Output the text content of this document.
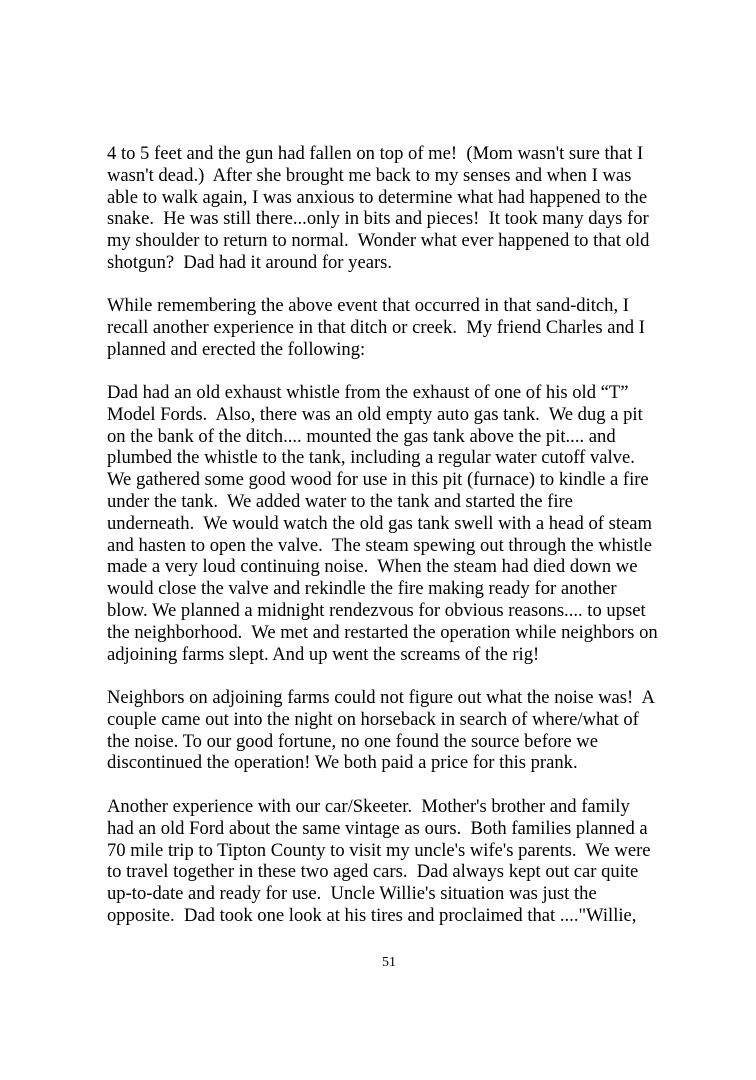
4 to 5 feet and the gun had fallen on top of me!  (Mom wasn't sure that I
wasn't dead.)  After she brought me back to my senses and when I was
able to walk again, I was anxious to determine what had happened to the
snake.  He was still there...only in bits and pieces!  It took many days for
my shoulder to return to normal.  Wonder what ever happened to that old
shotgun?  Dad had it around for years.

While remembering the above event that occurred in that sand-ditch, I
recall another experience in that ditch or creek.  My friend Charles and I
planned and erected the following:

Dad had an old exhaust whistle from the exhaust of one of his old “T”
Model Fords.  Also, there was an old empty auto gas tank.  We dug a pit
on the bank of the ditch.... mounted the gas tank above the pit.... and
plumbed the whistle to the tank, including a regular water cutoff valve.
We gathered some good wood for use in this pit (furnace) to kindle a fire
under the tank.  We added water to the tank and started the fire
underneath.  We would watch the old gas tank swell with a head of steam
and hasten to open the valve.  The steam spewing out through the whistle
made a very loud continuing noise.  When the steam had died down we
would close the valve and rekindle the fire making ready for another
blow. We planned a midnight rendezvous for obvious reasons.... to upset
the neighborhood.  We met and restarted the operation while neighbors on
adjoining farms slept. And up went the screams of the rig!

Neighbors on adjoining farms could not figure out what the noise was!  A
couple came out into the night on horseback in search of where/what of
the noise. To our good fortune, no one found the source before we
discontinued the operation! We both paid a price for this prank.

Another experience with our car/Skeeter.  Mother's brother and family
had an old Ford about the same vintage as ours.  Both families planned a
70 mile trip to Tipton County to visit my uncle's wife's parents.  We were
to travel together in these two aged cars.  Dad always kept out car quite
up-to-date and ready for use.  Uncle Willie's situation was just the
opposite.  Dad took one look at his tires and proclaimed that ...."Willie,

51
